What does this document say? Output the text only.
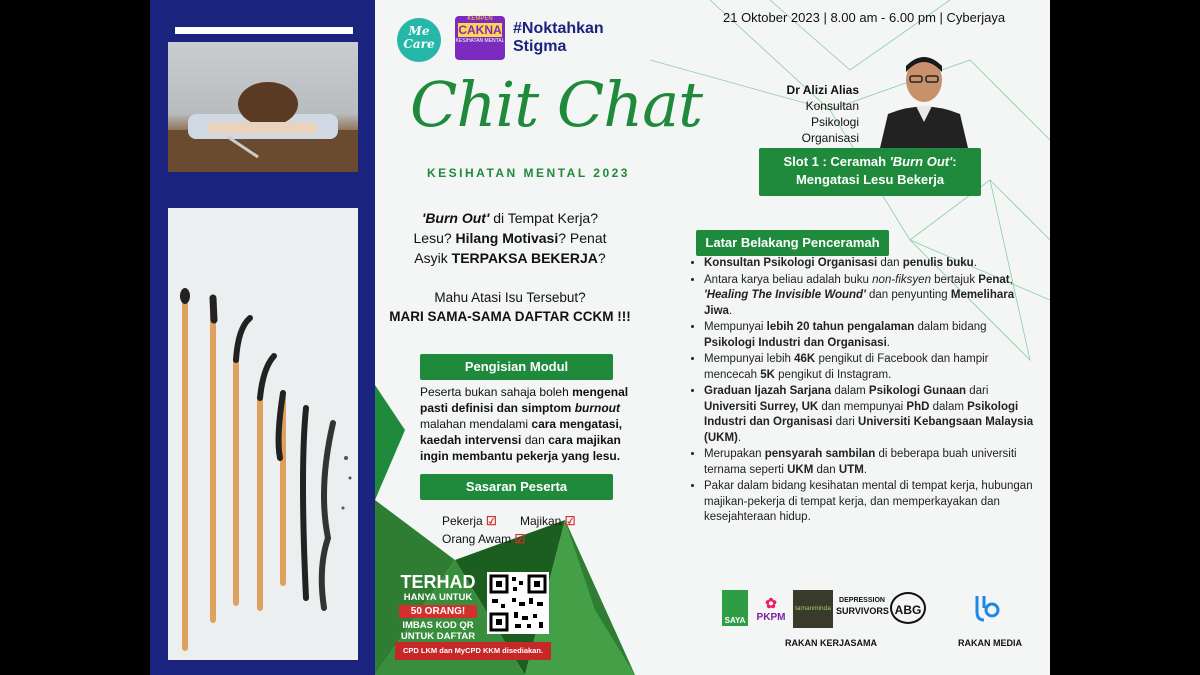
Me
Care
KEMPEN
CAKNA
KESIHATAN MENTAL
#Noktahkan
Stigma
Chit Chat
KESIHATAN MENTAL 2023
'Burn Out' di Tempat Kerja?
Lesu? Hilang Motivasi? Penat
Asyik TERPAKSA BEKERJA?
Mahu Atasi Isu Tersebut?
MARI SAMA-SAMA DAFTAR CCKM !!!
Pengisian Modul
Peserta bukan sahaja boleh mengenal
pasti definisi dan simptom burnout
malahan mendalami cara mengatasi,
kaedah intervensi dan cara majikan
ingin membantu pekerja yang lesu.
Sasaran Peserta
Pekerja ☑ Majikan ☑
Orang Awam ☑
TERHAD
HANYA UNTUK
50 ORANG!
IMBAS KOD QR
UNTUK DAFTAR
CPD LKM dan MyCPD KKM disediakan.
21 Oktober 2023 | 8.00 am - 6.00 pm | Cyberjaya
Dr Alizi Alias
Konsultan Psikologi
Organisasi
Slot 1 : Ceramah 'Burn Out':
Mengatasi Lesu Bekerja
Latar Belakang Penceramah
• Konsultan Psikologi Organisasi dan penulis buku.
• Antara karya beliau adalah buku non-fiksyen bertajuk Penat, 'Healing The Invisible Wound' dan penyunting Memelihara Jiwa.
• Mempunyai lebih 20 tahun pengalaman dalam bidang Psikologi Industri dan Organisasi.
• Mempunyai lebih 46K pengikut di Facebook dan hampir mencecah 5K pengikut di Instagram.
• Graduan Ijazah Sarjana dalam Psikologi Gunaan dari Universiti Surrey, UK dan mempunyai PhD dalam Psikologi Industri dan Organisasi dari Universiti Kebangsaan Malaysia (UKM).
• Merupakan pensyarah sambilan di beberapa buah universiti ternama seperti UKM dan UTM.
• Pakar dalam bidang kesihatan mental di tempat kerja, hubungan majikan-pekerja di tempat kerja, dan memperkayakan dan kesejahteraan hidup.
SAYA
✿
PKPM
tamanminda
DEPRESSION
SURVIVORS ABG
RAKAN KERJASAMA	RAKAN MEDIA
